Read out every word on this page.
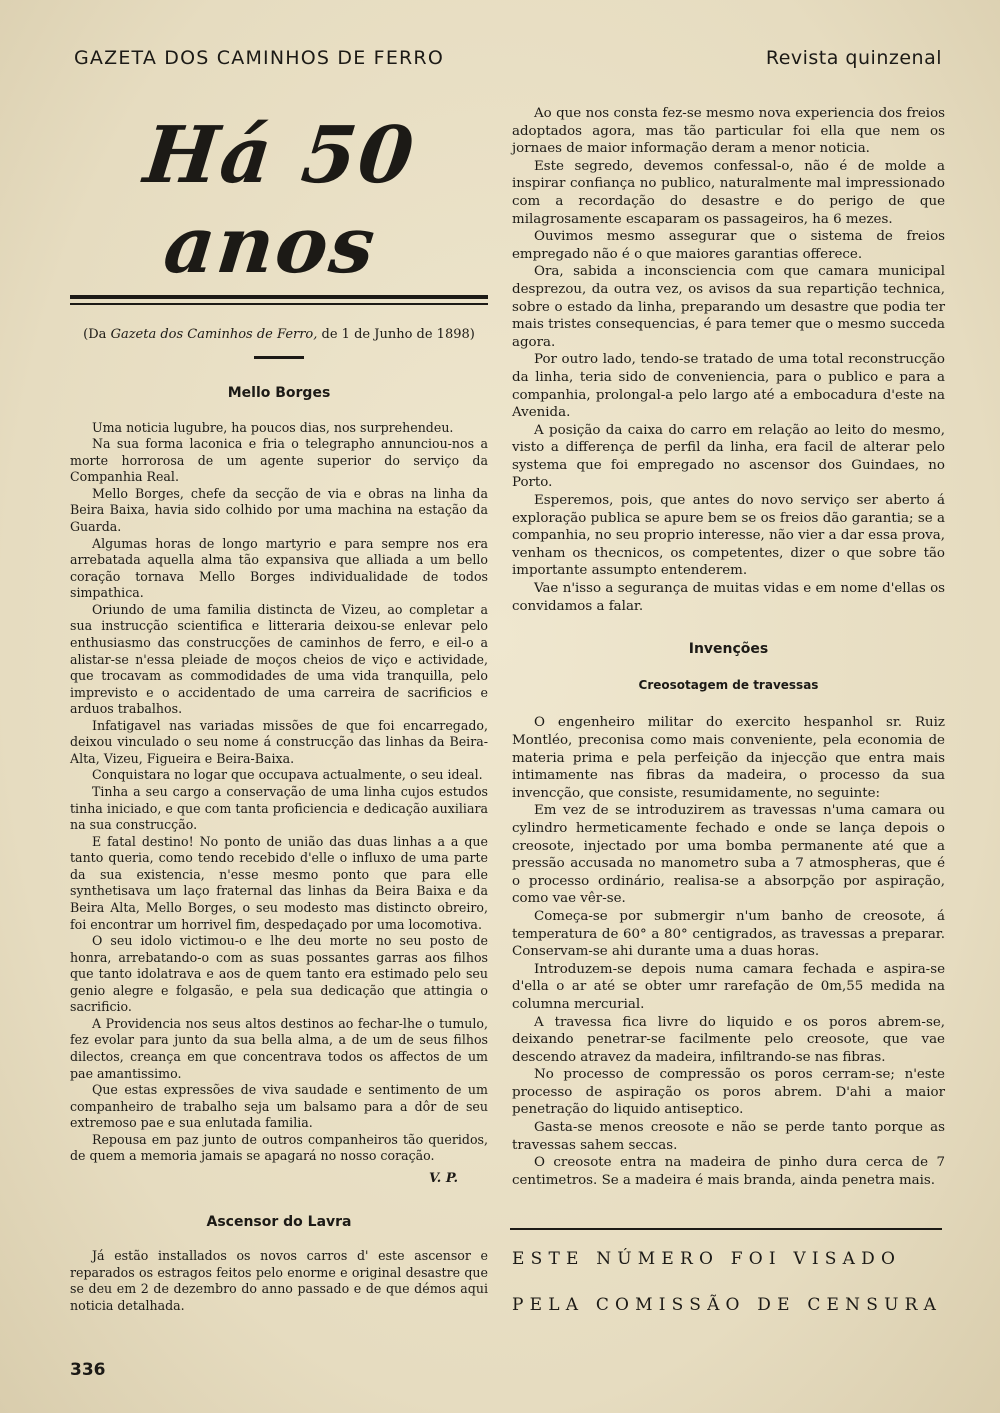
GAZETA DOS CAMINHOS DE FERRO	Revista quinzenal
Há 50 anos
(Da Gazeta dos Caminhos de Ferro, de 1 de Junho de 1898)
Mello Borges

Uma noticia lugubre, ha poucos dias, nos surprehendeu.

Na sua forma laconica e fria o telegrapho annunciou-nos a morte horrorosa de um agente superior do serviço da Companhia Real.

Mello Borges, chefe da secção de via e obras na linha da Beira Baixa, havia sido colhido por uma machina na estação da Guarda.

Algumas horas de longo martyrio e para sempre nos era arrebatada aquella alma tão expansiva que alliada a um bello coração tornava Mello Borges individualidade de todos simpathica.

Oriundo de uma familia distincta de Vizeu, ao completar a sua instrucção scientifica e litteraria deixou-se enlevar pelo enthusiasmo das construcções de caminhos de ferro, e eil-o a alistar-se n'essa pleiade de moços cheios de viço e actividade, que trocavam as commodidades de uma vida tranquilla, pelo imprevisto e o accidentado de uma carreira de sacrificios e arduos trabalhos.

Infatigavel nas variadas missões de que foi encarregado, deixou vinculado o seu nome á construcção das linhas da Beira-Alta, Vizeu, Figueira e Beira-Baixa.

Conquistara no logar que occupava actualmente, o seu ideal.

Tinha a seu cargo a conservação de uma linha cujos estudos tinha iniciado, e que com tanta proficiencia e dedicação auxiliara na sua construcção.

E fatal destino! No ponto de união das duas linhas a a que tanto queria, como tendo recebido d'elle o influxo de uma parte da sua existencia, n'esse mesmo ponto que para elle synthetisava um laço fraternal das linhas da Beira Baixa e da Beira Alta, Mello Borges, o seu modesto mas distincto obreiro, foi encontrar um horrivel fim, despedaçado por uma locomotiva.

O seu idolo victimou-o e lhe deu morte no seu posto de honra, arrebatando-o com as suas possantes garras aos filhos que tanto idolatrava e aos de quem tanto era estimado pelo seu genio alegre e folgasão, e pela sua dedicação que attingia o sacrificio.

A Providencia nos seus altos destinos ao fechar-lhe o tumulo, fez evolar para junto da sua bella alma, a de um de seus filhos dilectos, creança em que concentrava todos os affectos de um pae amantissimo.

Que estas expressões de viva saudade e sentimento de um companheiro de trabalho seja um balsamo para a dôr de seu extremoso pae e sua enlutada familia.

Repousa em paz junto de outros companheiros tão queridos, de quem a memoria jamais se apagará no nosso coração.

V. P.
Ascensor do Lavra

Já estão installados os novos carros d' este ascensor e reparados os estragos feitos pelo enorme e original desastre que se deu em 2 de dezembro do anno passado e de que démos aqui noticia detalhada.

Ao que nos consta fez-se mesmo nova experiencia dos freios adoptados agora, mas tão particular foi ella que nem os jornaes de maior informação deram a menor noticia.

Este segredo, devemos confessal-o, não é de molde a inspirar confiança no publico, naturalmente mal impressionado com a recordação do desastre e do perigo de que milagrosamente escaparam os passageiros, ha 6 mezes.

Ouvimos mesmo assegurar que o sistema de freios empregado não é o que maiores garantias offerece.

Ora, sabida a inconsciencia com que camara municipal desprezou, da outra vez, os avisos da sua repartição technica, sobre o estado da linha, preparando um desastre que podia ter mais tristes consequencias, é para temer que o mesmo succeda agora.

Por outro lado, tendo-se tratado de uma total reconstrucção da linha, teria sido de conveniencia, para o publico e para a companhia, prolongal-a pelo largo até a embocadura d'este na Avenida.

A posição da caixa do carro em relação ao leito do mesmo, visto a differença de perfil da linha, era facil de alterar pelo systema que foi empregado no ascensor dos Guindaes, no Porto.

Esperemos, pois, que antes do novo serviço ser aberto á exploração publica se apure bem se os freios dão garantia; se a companhia, no seu proprio interesse, não vier a dar essa prova, venham os thecnicos, os competentes, dizer o que sobre tão importante assumpto entenderem.

Vae n'isso a segurança de muitas vidas e em nome d'ellas os convidamos a falar.

Invenções
Creosotagem de travessas

O engenheiro militar do exercito hespanhol sr. Ruiz Montléo, preconisa como mais conveniente, pela economia de materia prima e pela perfeição da injecção que entra mais intimamente nas fibras da madeira, o processo da sua invencção, que consiste, resumidamente, no seguinte:

Em vez de se introduzirem as travessas n'uma camara ou cylindro hermeticamente fechado e onde se lança depois o creosote, injectado por uma bomba permanente até que a pressão accusada no manometro suba a 7 atmospheras, que é o processo ordinário, realisa-se a absorpção por aspiração, como vae vêr-se.

Começa-se por submergir n'um banho de creosote, á temperatura de 60° a 80° centigrados, as travessas a preparar. Conservam-se ahi durante uma a duas horas.

Introduzem-se depois numa camara fechada e aspira-se d'ella o ar até se obter umr rarefação de 0m,55 medida na columna mercurial.

A travessa fica livre do liquido e os poros abrem-se, deixando penetrar-se facilmente pelo creosote, que vae descendo atravez da madeira, infiltrando-se nas fibras.

No processo de compressão os poros cerram-se; n'este processo de aspiração os poros abrem. D'ahi a maior penetração do liquido antiseptico.

Gasta-se menos creosote e não se perde tanto porque as travessas sahem seccas.

O creosote entra na madeira de pinho dura cerca de 7 centimetros. Se a madeira é mais branda, ainda penetra mais.

ESTE NÚMERO FOI VISADO
PELA COMISSÃO DE CENSURA
336
